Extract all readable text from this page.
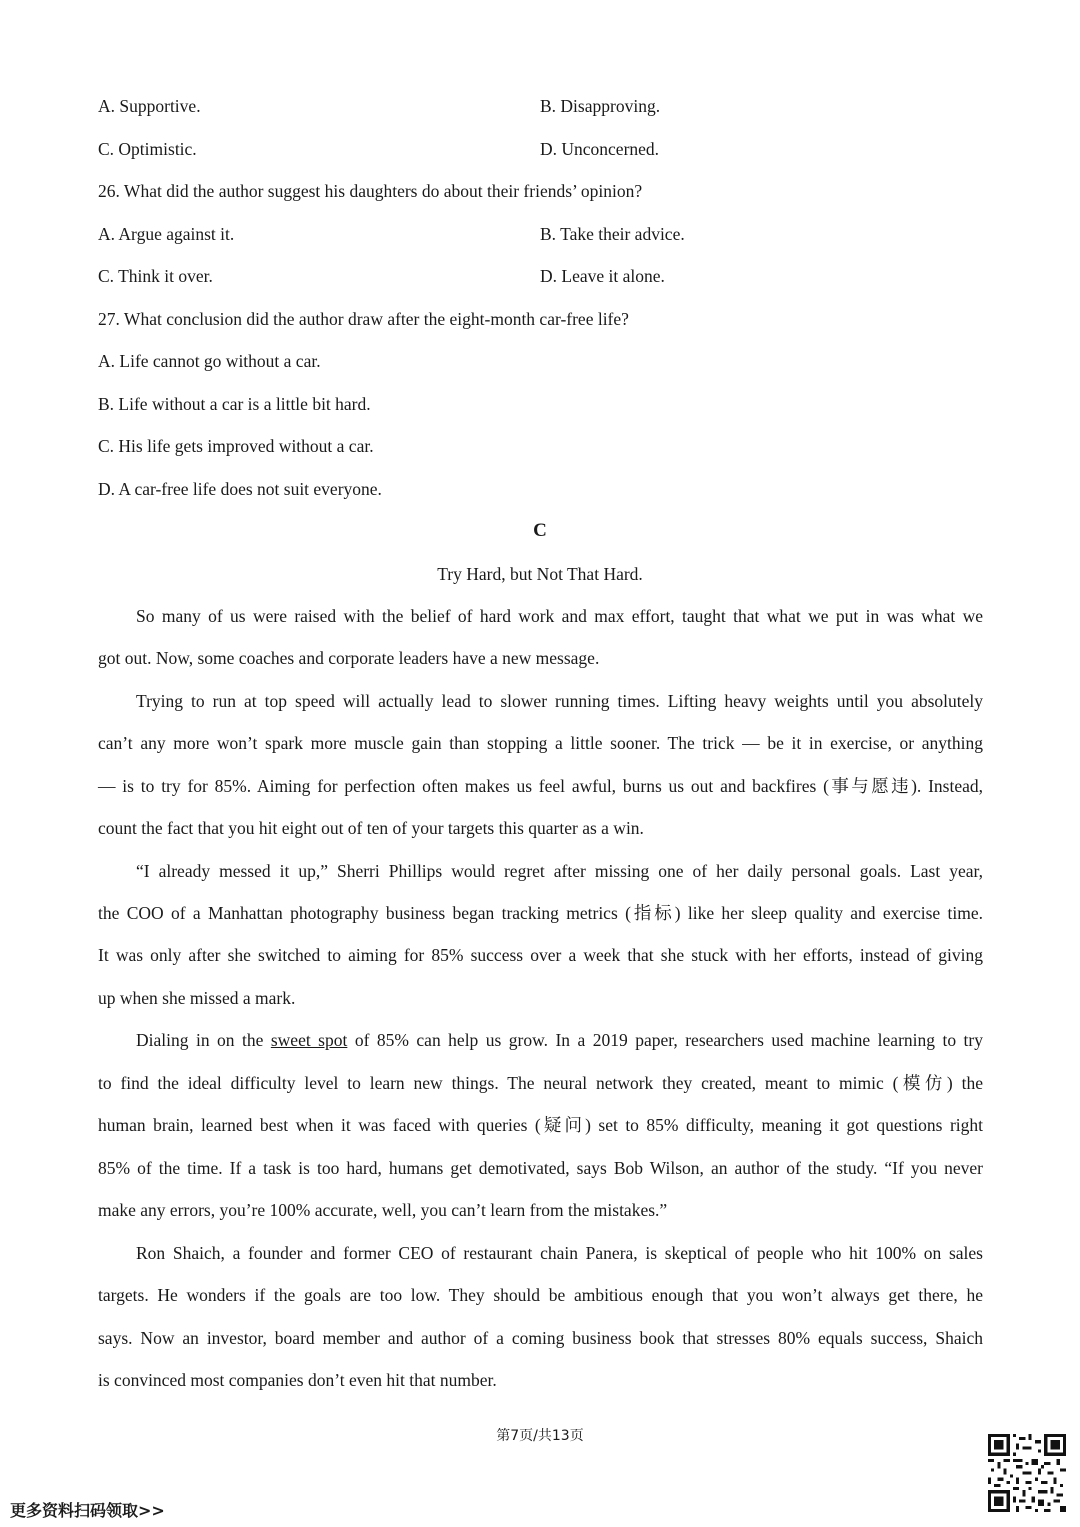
A. Supportive.	B. Disapproving.
C. Optimistic.	D. Unconcerned.
26. What did the author suggest his daughters do about their friends’ opinion?
A. Argue against it.	B. Take their advice.
C. Think it over.	D. Leave it alone.
27. What conclusion did the author draw after the eight-month car-free life?
A. Life cannot go without a car.
B. Life without a car is a little bit hard.
C. His life gets improved without a car.
D. A car-free life does not suit everyone.
C
Try Hard, but Not That Hard.
So many of us were raised with the belief of hard work and max effort, taught that what we put in was what we
got out. Now, some coaches and corporate leaders have a new message.
Trying to run at top speed will actually lead to slower running times. Lifting heavy weights until you absolutely
can’t any more won’t spark more muscle gain than stopping a little sooner. The trick — be it in exercise, or anything
— is to try for 85%. Aiming for perfection often makes us feel awful, burns us out and backfires (事与愿违). Instead,
count the fact that you hit eight out of ten of your targets this quarter as a win.
“I already messed it up,” Sherri Phillips would regret after missing one of her daily personal goals. Last year,
the COO of a Manhattan photography business began tracking metrics (指标) like her sleep quality and exercise time.
It was only after she switched to aiming for 85% success over a week that she stuck with her efforts, instead of giving
up when she missed a mark.
Dialing in on the sweet spot of 85% can help us grow. In a 2019 paper, researchers used machine learning to try
to find the ideal difficulty level to learn new things. The neural network they created, meant to mimic (模仿) the
human brain, learned best when it was faced with queries (疑问) set to 85% difficulty, meaning it got questions right
85% of the time. If a task is too hard, humans get demotivated, says Bob Wilson, an author of the study. “If you never
make any errors, you’re 100% accurate, well, you can’t learn from the mistakes.”
Ron Shaich, a founder and former CEO of restaurant chain Panera, is skeptical of people who hit 100% on sales
targets. He wonders if the goals are too low. They should be ambitious enough that you won’t always get there, he
says. Now an investor, board member and author of a coming business book that stresses 80% equals success, Shaich
is convinced most companies don’t even hit that number.
第7页/共13页
更多资料扫码领取>>
